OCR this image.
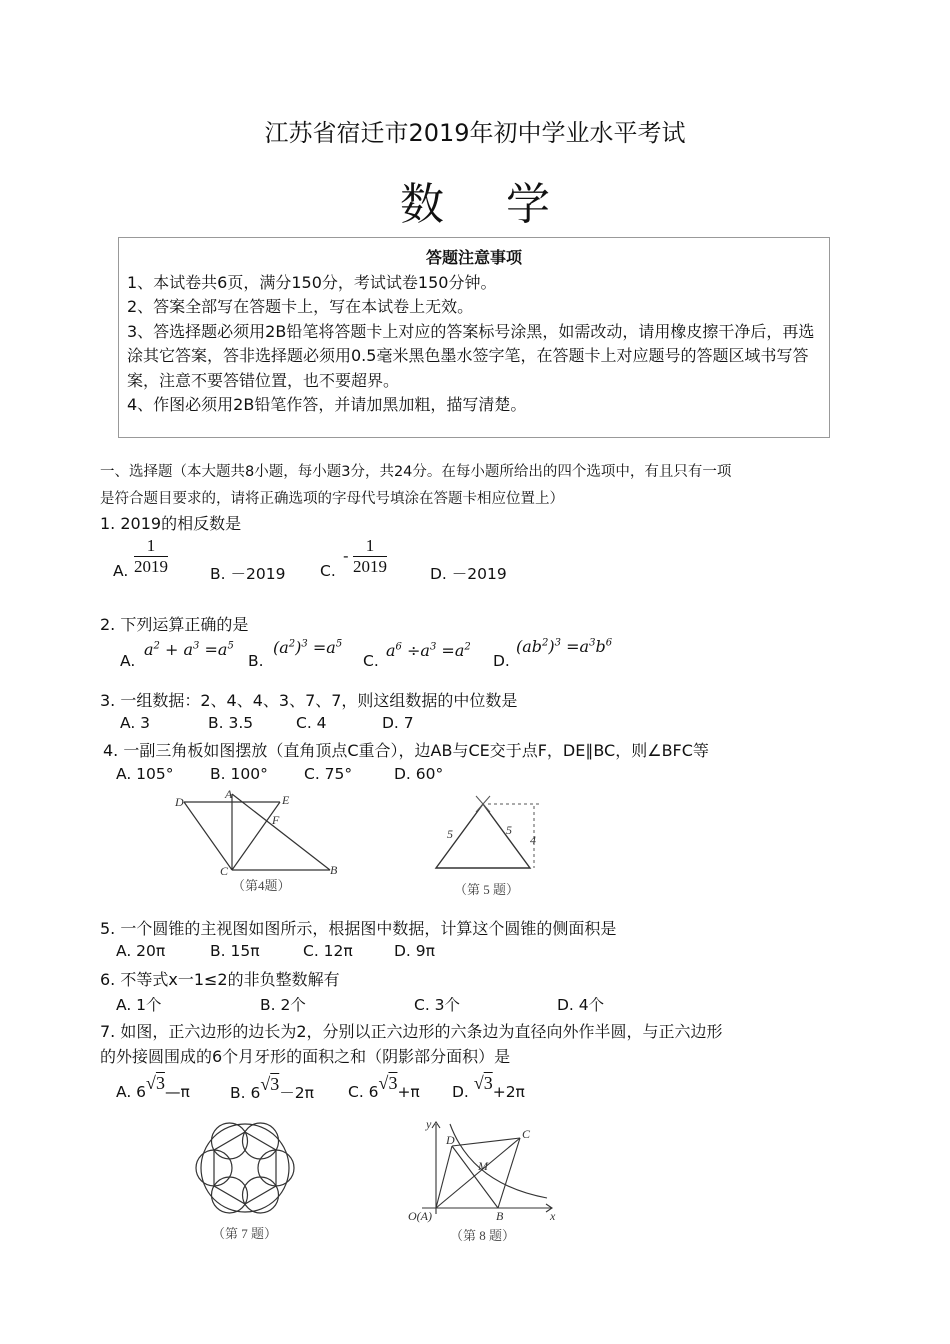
江苏省宿迁市2019年初中学业水平考试
数 学
答题注意事项
1、本试卷共6页，满分150分，考试试卷150分钟。
2、答案全部写在答题卡上，写在本试卷上无效。
3、答选择题必须用2B铅笔将答题卡上对应的答案标号涂黑，如需改动，请用橡皮擦干净后，再选涂其它答案，答非选择题必须用0.5毫米黑色墨水签字笔，在答题卡上对应题号的答题区域书写答案，注意不要答错位置，也不要超界。
4、作图必须用2B铅笔作答，并请加黑加粗，描写清楚。
一、选择题（本大题共8小题，每小题3分，共24分。在每小题所给出的四个选项中，有且只有一项
是符合题目要求的，请将正确选项的字母代号填涂在答题卡相应位置上）
1. 2019的相反数是
A. $\frac{1}{2019}$	B. －2019 C.
- $\frac{1}{2019}$	D. －2019
2. 下列运算正确的是
A.
$a^2 + a^3 =a^5$
B.
$(a^2)^3 =a^5$
C.
$a^6 \div a^3 =a^2$
D.
$(ab^2)^3 =a^3b^6$
3. 一组数据：2、4、4、3、7、7，则这组数据的中位数是
A. 3	B. 3.5	C. 4	D. 7
4. 一副三角板如图摆放（直角顶点C重合），边AB与CE交于点F，DE∥BC，则∠BFC等
A. 105° B. 100° C. 75°	D. 60°
D
A	E
F
C	B
（第4题）
5	5
4
（第 5 题）
5. 一个圆锥的主视图如图所示，根据图中数据，计算这个圆锥的侧面积是
A. 20π	B. 15π	C. 12π	D. 9π
6. 不等式x一1≤2的非负整数解有
A. 1个	B. 2个	C. 3个	D. 4个
7. 如图，正六边形的边长为2，分别以正六边形的六条边为直径向外作半圆，与正六边形
的外接圆围成的6个月牙形的面积之和（阴影部分面积）是
A. 6√3—π	B. 6√3－2π C. 6√3+π D. √3+2π
（第 7 题）
y
D	C
M
O(A)	B	x
（第 8 题）
